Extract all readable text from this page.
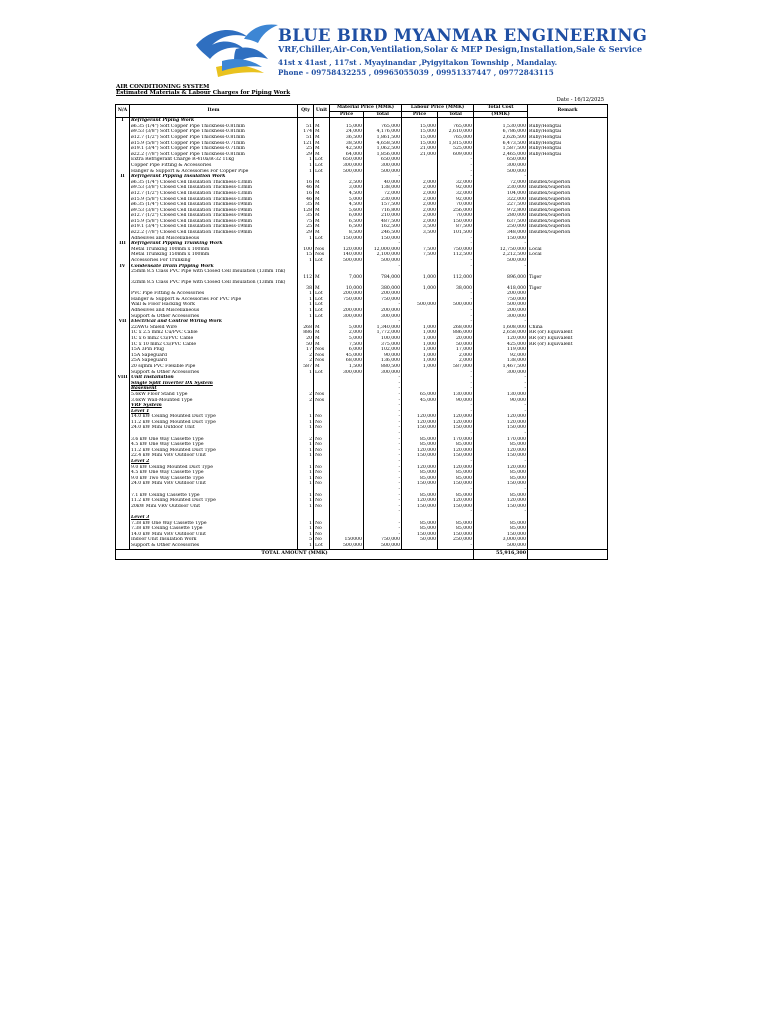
BLUE BIRD MYANMAR ENGINEERING
VRF,Chiller,Air-Con,Ventilation,Solar & MEP Design,Installation,Sale & Service
41st x 41ast , 117st . Myayinandar ,Pyigyitakon Township , Mandalay.
Phone - 09758432255 , 09965055039 , 09951337447 , 09772843115
AIR CONDITIONING SYSTEM
Estimated Materials & Labour Charges for Piping Work
Date - 16/12/2025
N/A	Item	Qty	Unit	Material Price (MMK)		Labour Price (MMK)		Total Cost	Remark
				Price	Total	Price	Total	(MMK)	
I	Refrigerant Piping Work								
	ø6.35 (1/4") Soft Copper Pipe Thickness-0.81mm	51	M	15,000	765,000	15,000	765,000	1,530,000	Ruby/Hongtai
	ø9.53 (3/8") Soft Copper Pipe Thickness-0.81mm	174	M	24,000	4,176,000	15,000	2,610,000	6,786,000	Ruby/Hongtai
	ø12.7 (1/2") Soft Copper Pipe Thickness-0.81mm	51	M	36,500	1,861,500	15,000	765,000	2,626,500	Ruby/Hongtai
	ø15.9 (5/8") Soft Copper Pipe Thickness-0.71mm	121	M	38,500	4,658,500	15,000	1,815,000	6,473,500	Ruby/Hongtai
	ø19.1 (3/4") Soft Copper Pipe Thickness-0.71mm	25	M	42,500	1,062,500	21,000	525,000	1,587,500	Ruby/Hongtai
	ø22.2 (7/8") Soft Copper Pipe Thickness-0.81mm	29	M	64,000	1,856,000	21,000	609,000	2,465,000	Ruby/Hongtai
	Extra Refrigerant Charge R-410a/R-32 11kg	1	Lot	650,000	650,000		-	650,000	
	Copper Pipe Fitting & Accessories	1	Lot	300,000	300,000		-	300,000	
	Hanger & Support & Accessories For Copper Pipe	1	Lot	500,000	500,000		-	500,000	
II	Refrigerant Pipping Insulation Work				-		-	-	
	ø6.35 (1/4") Closed Cell Insulation Thickness-13mm	16	M	2,500	40,000	2,000	32,000	72,000	Insuflex/Superlon
	ø9.53 (3/8") Closed Cell Insulation Thickness-13mm	46	M	3,000	138,000	2,000	92,000	230,000	Insuflex/Superlon
	ø12.7 (1/2") Closed Cell Insulation Thickness-13mm	16	M	4,500	72,000	2,000	32,000	104,000	Insuflex/Superlon
	ø15.9 (5/8") Closed Cell Insulation Thickness-13mm	46	M	5,000	230,000	2,000	92,000	322,000	Insuflex/Superlon
	ø6.35 (1/4") Closed Cell Insulation Thickness-19mm	35	M	4,500	157,500	2,000	70,000	227,500	Insuflex/Superlon
	ø9.53 (3/8") Closed Cell Insulation Thickness-19mm	128	M	5,600	716,800	2,000	256,000	972,800	Insuflex/Superlon
	ø12.7 (1/2") Closed Cell Insulation Thickness-19mm	35	M	6,000	210,000	2,000	70,000	280,000	Insuflex/Superlon
	ø15.9 (5/8") Closed Cell Insulation Thickness-19mm	75	M	6,500	487,500	2,000	150,000	637,500	Insuflex/Superlon
	ø19.1 (3/4") Closed Cell Insulation Thickness-19mm	25	M	6,500	162,500	3,500	87,500	250,000	Insuflex/Superlon
	ø22.2 (7/8") Closed Cell Insulation Thickness-19mm	29	M	8,500	246,500	3,500	101,500	348,000	Insuflex/Superlon
	Adhesives and Miscellaneous	1	Lot	150,000	150,000		-	150,000	
III	Refrigerant Pipping Trunking Work				-		-	-	
	Metal Trunking 100mm x 100mm	100	Nos	120,000	12,000,000	7,500	750,000	12,750,000	Local
	Metal Trunking 150mm x 100mm	15	Nos	140,000	2,100,000	7,500	112,500	2,212,500	Local
	Accessories For Trunking	1	Lot	500,000	500,000		-	500,000	
IV	Condensate Drain Pipping Work				-		-	-	
	25mm 8.5 Class PVC Pipe with Closed Cell Insulation (13mm Thk)	112	M	7,000	784,000	1,000	112,000	896,000	Tiger
	32mm 8.5 Class PVC Pipe with Closed Cell Insulation (13mm Thk)	38	M	10,000	380,000	1,000	38,000	418,000	Tiger
	PVC Pipe Fitting & Accessories	1	Lot	200,000	200,000		-	200,000	
	Hanger & Support & Accessories For PVC Pipe	1	Lot	750,000	750,000		-	750,000	
	Wall & Floor Hacking Work	1	Lot		-	500,000	500,000	500,000	
	Adhesives and Miscellaneous	1	Lot	200,000	200,000		-	200,000	
	Support & Other Accessories	1	Lot	300,000	300,000		-	300,000	
VII	Electrical and Control Wiring Work				-		-	-	
	22AWG Shield Wire	268	M	5,000	1,340,000	1,000	268,000	1,608,000	China
	1C x 2.5 mm2 Cu/PVC Cable	886	M	2,000	1,772,000	1,000	886,000	2,658,000	RR (or) Equivalent
	1C x 6 mm2 Cu/PVC Cable	20	M	5,000	100,000	1,000	20,000	120,000	RR (or) Equivalent
	1C x 10 mm2 Cu/PVC Cable	50	M	7,500	375,000	1,000	50,000	425,000	RR (or) Equivalent
	15A 3Pin Plug	17	Nos	6,000	102,000	1,000	17,000	119,000	
	15A Sapeguard	2	Nos	45,000	90,000	1,000	2,000	92,000	
	25A Sapeguard	2	Nos	68,000	136,000	1,000	2,000	138,000	
	20 sqmm PVC Flexible Pipe	587	M	1,500	880,500	1,000	587,000	1,467,500	
	Support & Other Accessories	1	Lot	300,000	300,000		-	300,000	
VIII	Unit Installation				-		-	-	
	Single Split Inverter DX System				-		-	-	
	Basement				-		-	-	
	5.6kW Floor Stand Type	2	Nos		-	65,000	130,000	130,000	
	3.6kW Wall-Mounted Type	2	Nos		-	45,000	90,000	90,000	
	VRF System				-		-	-	
	Level 1				-		-	-	
	14.0 kW Ceiling Mounted Duct Type	1	No		-	120,000	120,000	120,000	
	11.2 kW Ceiling Mounted Duct Type	1	No		-	120,000	120,000	120,000	
	24.0 kW Mini Outdoor Unit	1	No		-	150,000	150,000	150,000	
					-		-	-	
	3.6 kW One Way Cassette Type	2	No		-	85,000	170,000	170,000	
	4.5 kW One Way Cassette Type	1	No		-	85,000	85,000	85,000	
	11.2 kW Ceiling Mounted Duct Type	1	No		-	120,000	120,000	120,000	
	22.4 kW Mini VRV Outdoor Unit	1	No		-	150,000	150,000	150,000	
	Level 2				-		-	-	
	9.0 kW Ceiling Mounted Duct Type	1	No		-	120,000	120,000	120,000	
	4.5 kW One Way Cassette Type	1	No		-	85,000	85,000	85,000	
	9.0 kW Two Way Cassette Type	1	No		-	85,000	85,000	85,000	
	24.0 kW Mini VRV Outdoor Unit	1	No		-	150,000	150,000	150,000	
					-		-	-	
	7.1 kW Ceiling Cassette Type	1	No		-	85,000	85,000	85,000	
	11.2 kW Ceiling Mounted Duct Type	1	No		-	120,000	120,000	120,000	
	20kW Mini VRV Outdoor Unit	1	No		-	150,000	150,000	150,000	
					-		-	-	
	Level 3								
	7.38 kW One Way Cassette Type	1	No		-	85,000	85,000	85,000	
	7.38 kW Ceiling Cassette Type	1	No		-	85,000	85,000	85,000	
	14.0 kW Mini VRV Outdoor Unit	1	No		-	150,000	150,000	150,000	
	Indoor Unit Insulation Work	5	No	150000	750,000	50,000	250,000	3,000,000	
	Support & Other Accessories	1	Lot	500,000	500,000		-	500,000	
TOTAL AMOUNT (MMK)								55,916,300	
